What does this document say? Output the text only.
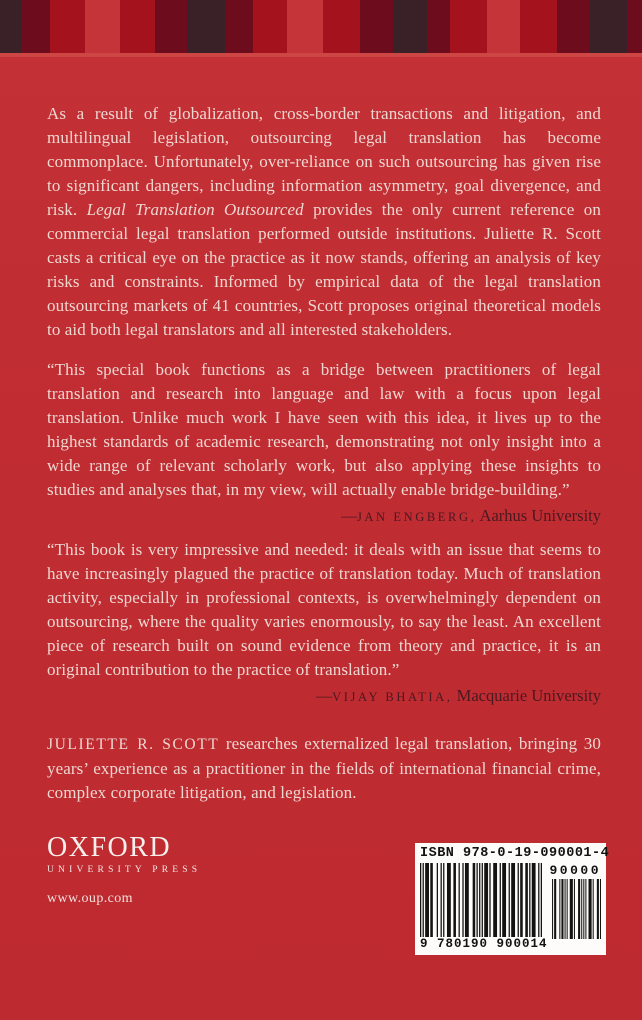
As a result of globalization, cross-border transactions and litigation, and multilingual legislation, outsourcing legal translation has become commonplace. Unfortunately, over-reliance on such outsourcing has given rise to significant dangers, including information asymmetry, goal divergence, and risk. Legal Translation Outsourced provides the only current reference on commercial legal translation performed outside institutions. Juliette R. Scott casts a critical eye on the practice as it now stands, offering an analysis of key risks and constraints. Informed by empirical data of the legal translation outsourcing markets of 41 countries, Scott proposes original theoretical models to aid both legal translators and all interested stakeholders.

“This special book functions as a bridge between practitioners of legal translation and research into language and law with a focus upon legal translation. Unlike much work I have seen with this idea, it lives up to the highest standards of academic research, demonstrating not only insight into a wide range of relevant scholarly work, but also applying these insights to studies and analyses that, in my view, will actually enable bridge-building.”

—JAN ENGBERG, Aarhus University

“This book is very impressive and needed: it deals with an issue that seems to have increasingly plagued the practice of translation today. Much of translation activity, especially in professional contexts, is overwhelmingly dependent on outsourcing, where the quality varies enormously, to say the least. An excellent piece of research built on sound evidence from theory and practice, it is an original contribution to the practice of translation.”

—VIJAY BHATIA, Macquarie University

JULIETTE R. SCOTT researches externalized legal translation, bringing 30 years’ experience as a practitioner in the fields of international financial crime, complex corporate litigation, and legislation.

OXFORD
UNIVERSITY PRESS
www.oup.com
ISBN 978-0-19-090001-4
9 780190 900014
90000
